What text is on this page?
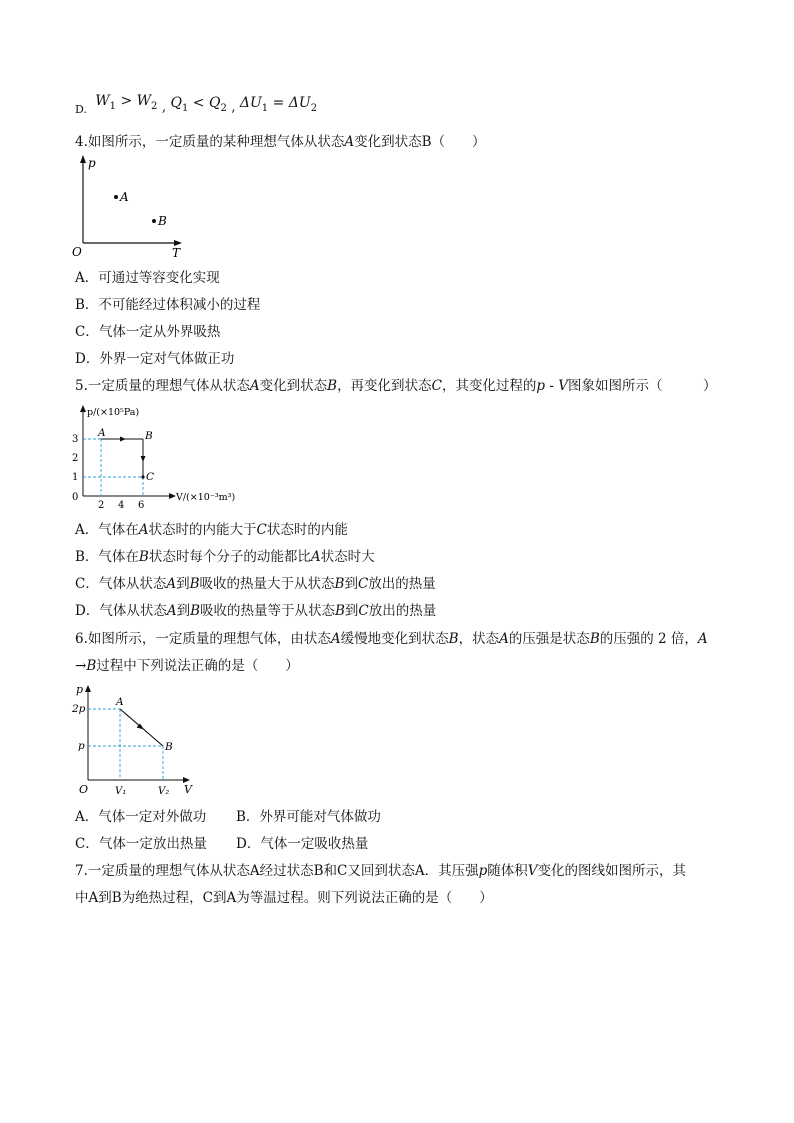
D. $W_1 > W_2$ , $Q_1 < Q_2$ , $\Delta U_1 = \Delta U_2$
4.如图所示，一定质量的某种理想气体从状态A变化到状态B（　　）
p
T
O
A
B
A．可通过等容变化实现
B．不可能经过体积减小的过程
C．气体一定从外界吸热
D．外界一定对气体做正功
5.一定质量的理想气体从状态A变化到状态B，再变化到状态C，其变化过程的p - V图象如图所示（　　　）
p/(×10⁵Pa)
V/(×10⁻³m³)
0
1
2
3
2 4 6
A	B
C
A．气体在A状态时的内能大于C状态时的内能
B．气体在B状态时每个分子的动能都比A状态时大
C．气体从状态A到B吸收的热量大于从状态B到C放出的热量
D．气体从状态A到B吸收的热量等于从状态B到C放出的热量
6.如图所示，一定质量的理想气体，由状态A缓慢地变化到状态B，状态A的压强是状态B的压强的 2 倍，A
→B过程中下列说法正确的是（　　）
p
V
O
2p
p
V₁	V₂
A
B
A．气体一定对外做功 B．外界可能对气体做功
C．气体一定放出热量 D．气体一定吸收热量
7.一定质量的理想气体从状态A经过状态B和C又回到状态A．其压强p随体积V变化的图线如图所示，其
中A到B为绝热过程，C到A为等温过程。则下列说法正确的是（　　）
